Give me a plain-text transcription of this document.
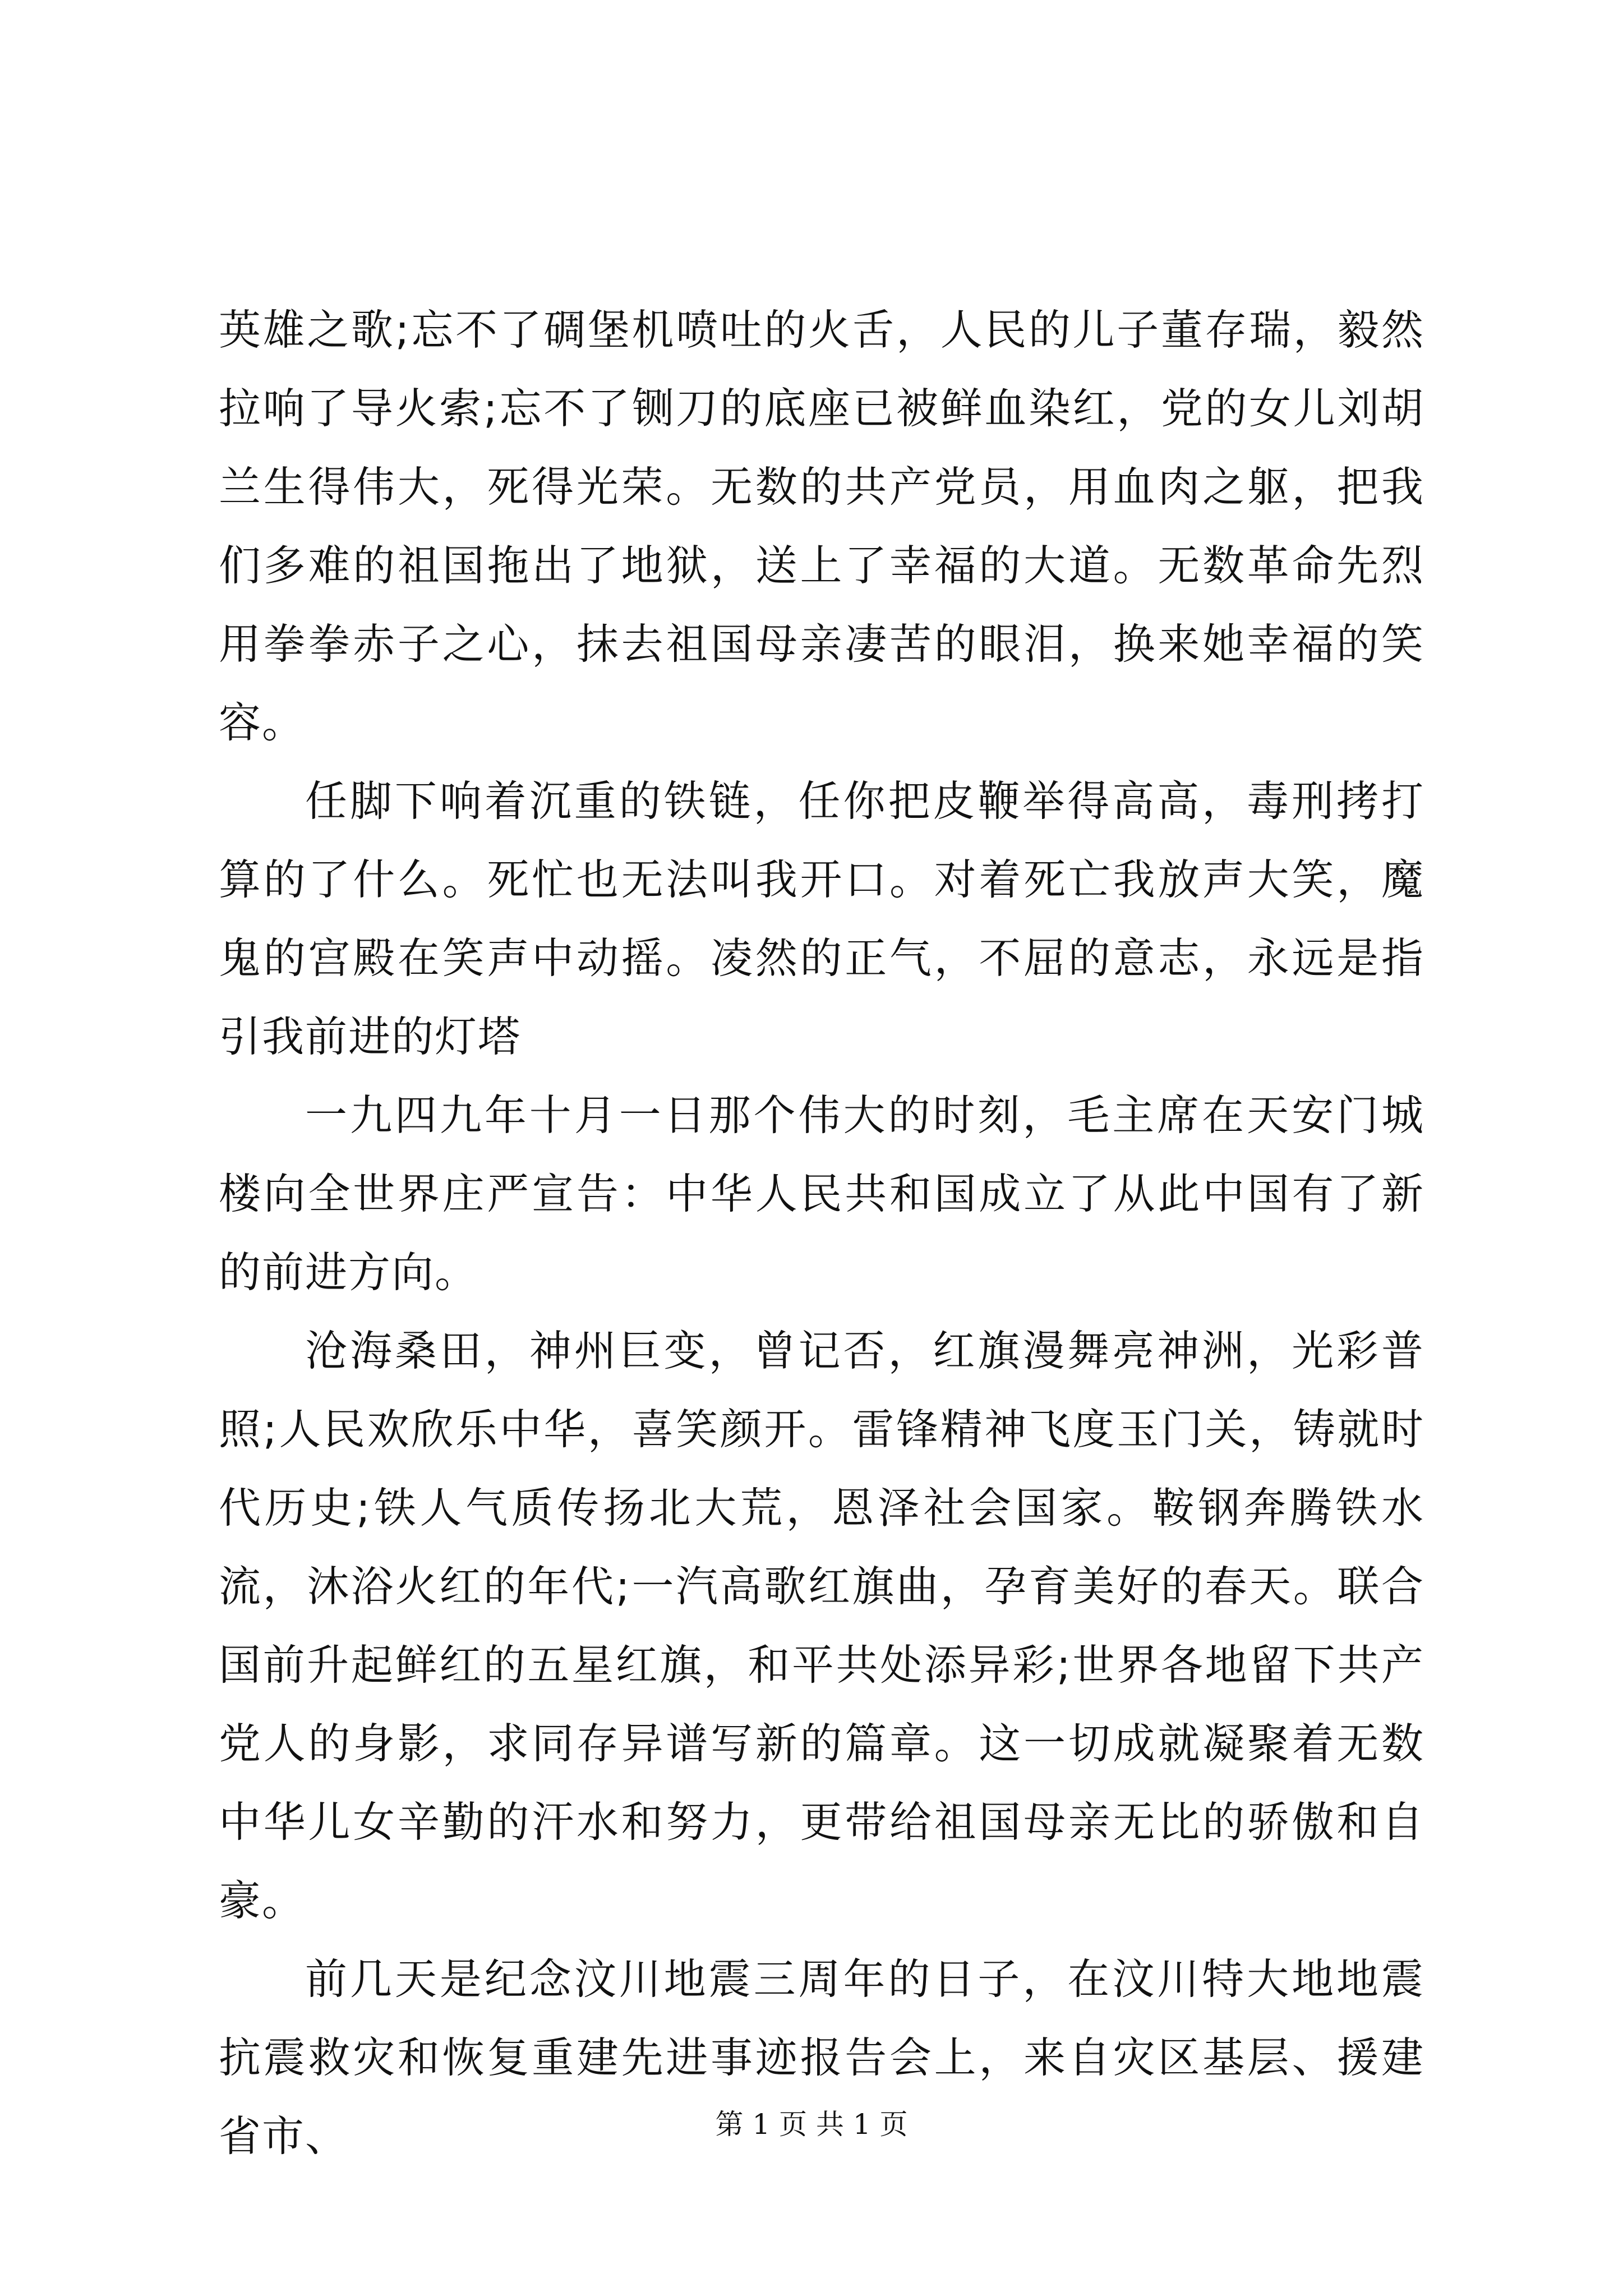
英雄之歌;忘不了碉堡机喷吐的火舌，人民的儿子董存瑞，毅然拉响了导火索;忘不了铡刀的底座已被鲜血染红，党的女儿刘胡兰生得伟大，死得光荣。无数的共产党员，用血肉之躯，把我们多难的祖国拖出了地狱，送上了幸福的大道。无数革命先烈用拳拳赤子之心，抹去祖国母亲凄苦的眼泪，换来她幸福的笑容。

任脚下响着沉重的铁链，任你把皮鞭举得高高，毒刑拷打算的了什么。死忙也无法叫我开口。对着死亡我放声大笑，魔鬼的宫殿在笑声中动摇。凌然的正气，不屈的意志，永远是指引我前进的灯塔

一九四九年十月一日那个伟大的时刻，毛主席在天安门城楼向全世界庄严宣告：中华人民共和国成立了从此中国有了新的前进方向。

沧海桑田，神州巨变，曾记否，红旗漫舞亮神洲，光彩普照;人民欢欣乐中华，喜笑颜开。雷锋精神飞度玉门关，铸就时代历史;铁人气质传扬北大荒，恩泽社会国家。鞍钢奔腾铁水流，沐浴火红的年代;一汽高歌红旗曲，孕育美好的春天。联合国前升起鲜红的五星红旗，和平共处添异彩;世界各地留下共产党人的身影，求同存异谱写新的篇章。这一切成就凝聚着无数中华儿女辛勤的汗水和努力，更带给祖国母亲无比的骄傲和自豪。

前几天是纪念汶川地震三周年的日子，在汶川特大地地震抗震救灾和恢复重建先进事迹报告会上，来自灾区基层、援建省市、	第 1 页 共 1 页
